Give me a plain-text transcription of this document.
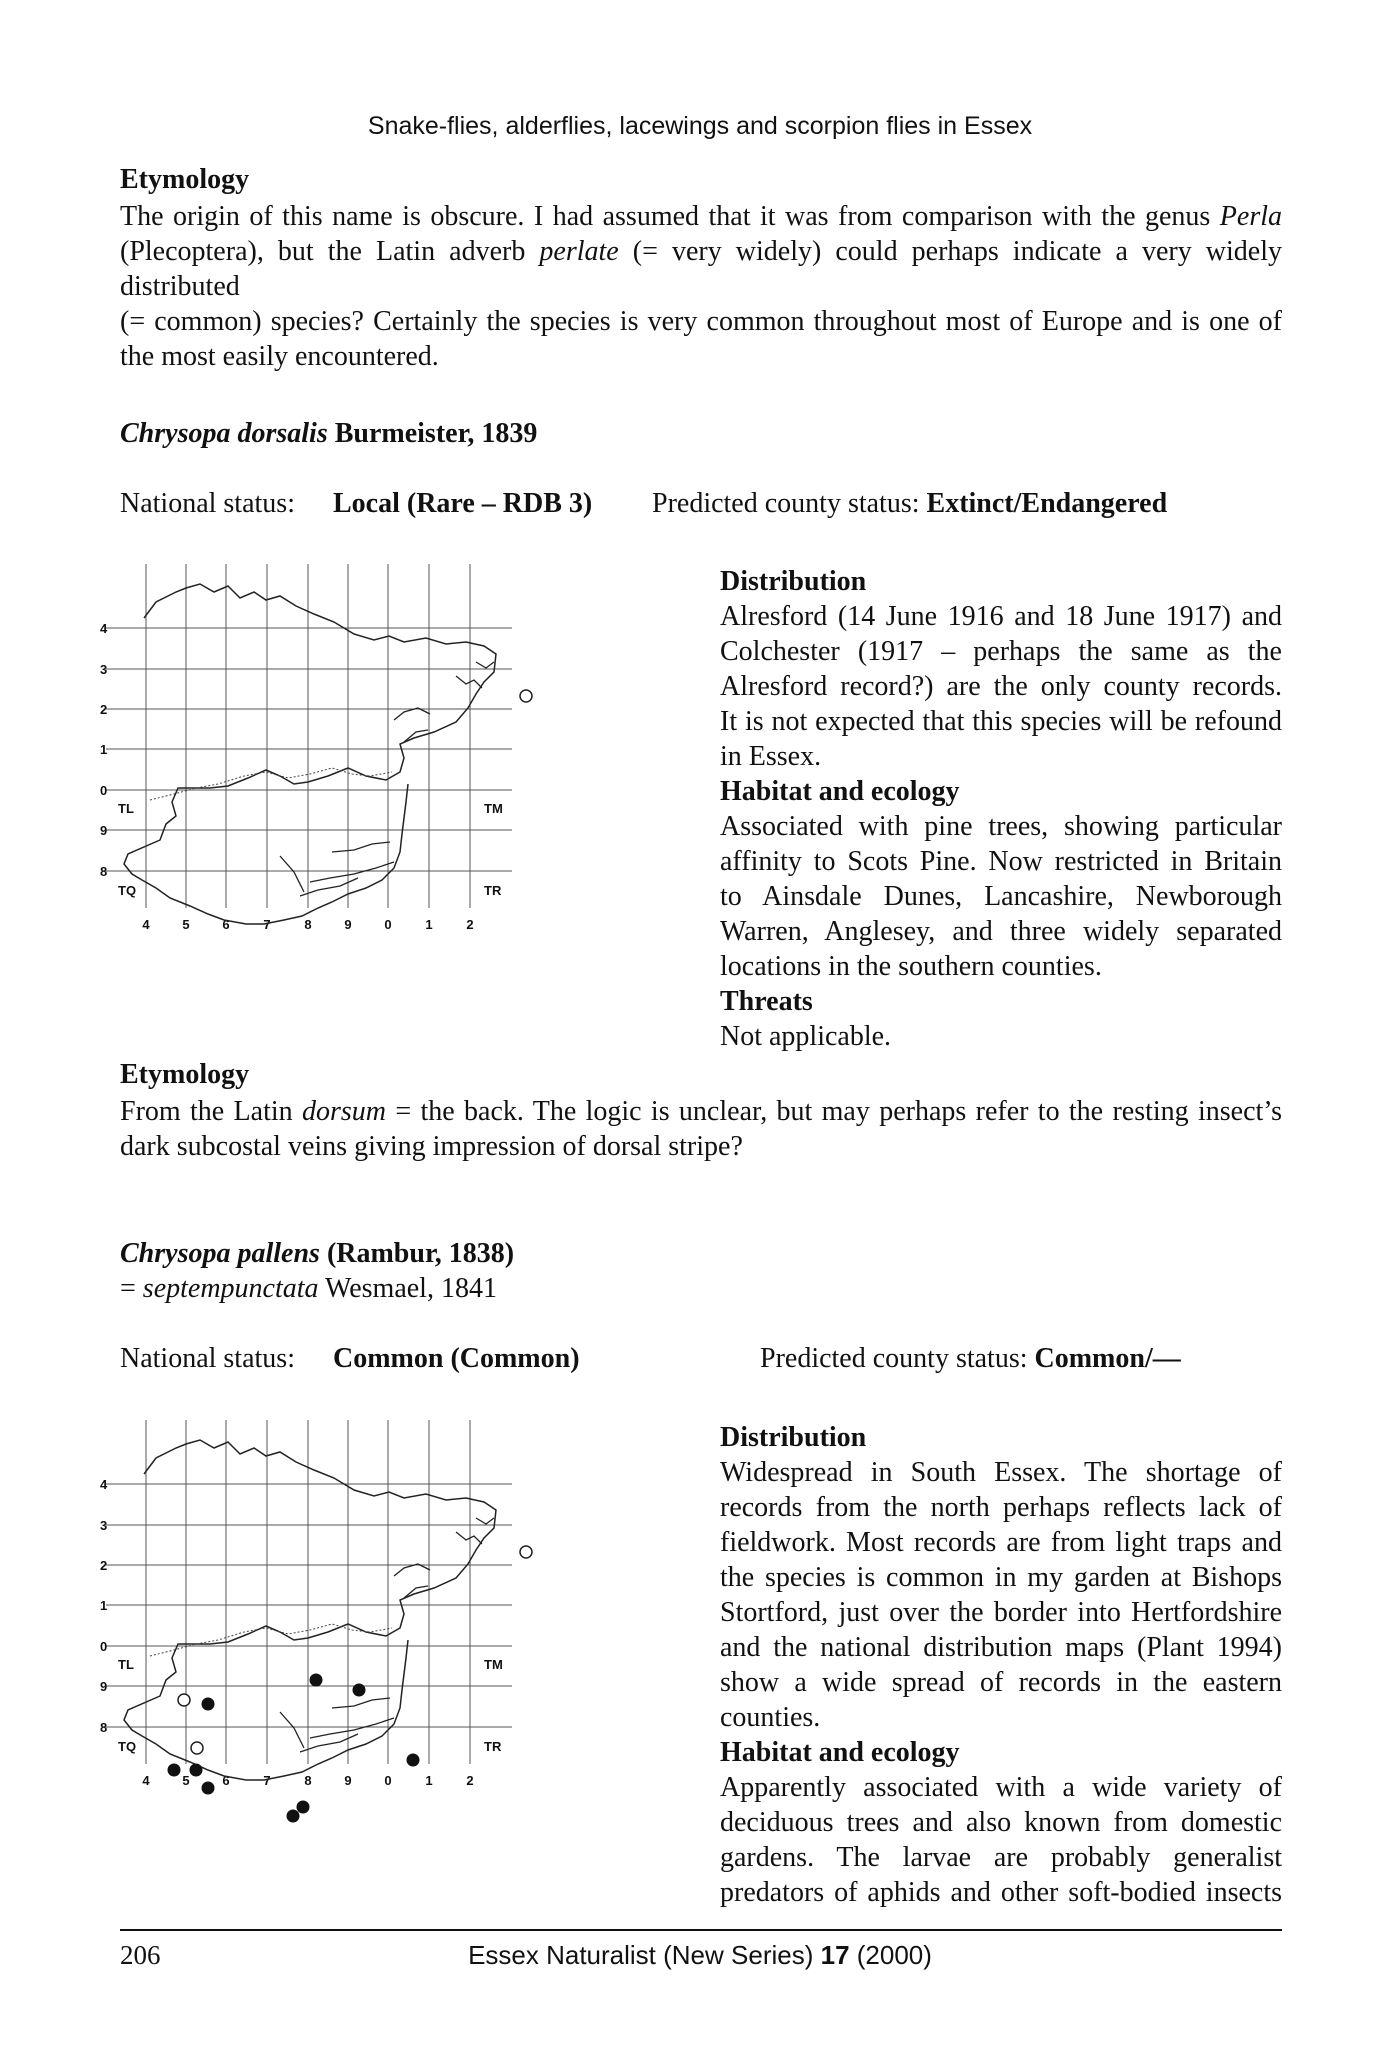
Snake-flies, alderflies, lacewings and scorpion flies in Essex
Etymology
The origin of this name is obscure. I had assumed that it was from comparison with the genus Perla
(Plecoptera), but the Latin adverb perlate (= very widely) could perhaps indicate a very widely distributed
(= common) species? Certainly the species is very common throughout most of Europe and is one of
the most easily encountered.
Chrysopa dorsalis Burmeister, 1839
National status: Local (Rare – RDB 3) Predicted county status: Extinct/Endangered
4
3
2
1
0
9
8
4	5	6	7	8	9	0	1	2
TL	TM
TQ	TR
Distribution
Alresford (14 June 1916 and 18 June 1917) and
Colchester (1917 – perhaps the same as the
Alresford record?) are the only county records.
It is not expected that this species will be refound
in Essex.
Habitat and ecology
Associated with pine trees, showing particular
affinity to Scots Pine. Now restricted in Britain
to Ainsdale Dunes, Lancashire, Newborough
Warren, Anglesey, and three widely separated
locations in the southern counties.
Threats
Not applicable.
Etymology
From the Latin dorsum = the back. The logic is unclear, but may perhaps refer to the resting insect’s
dark subcostal veins giving impression of dorsal stripe?
Chrysopa pallens (Rambur, 1838)
= septempunctata Wesmael, 1841
National status: Common (Common)	Predicted county status: Common/—
4
3
2
1
0
9
8
4	5	6	7	8	9	0	1	2
TL	TM
TQ	TR
Distribution
Widespread in South Essex. The shortage of
records from the north perhaps reflects lack of
fieldwork. Most records are from light traps and
the species is common in my garden at Bishops
Stortford, just over the border into Hertfordshire
and the national distribution maps (Plant 1994)
show a wide spread of records in the eastern
counties.
Habitat and ecology
Apparently associated with a wide variety of
deciduous trees and also known from domestic
gardens. The larvae are probably generalist
predators of aphids and other soft-bodied insects
206	Essex Naturalist (New Series) 17 (2000)
